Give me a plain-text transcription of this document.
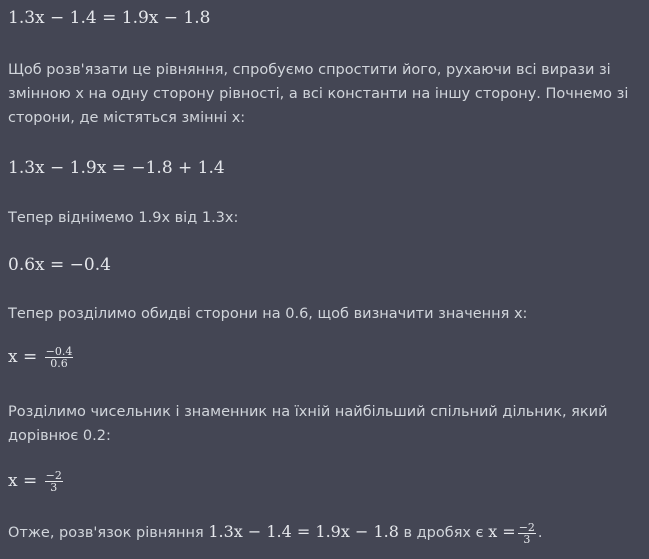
1.3x − 1.4 = 1.9x − 1.8
Щоб розв'язати це рівняння, спробуємо спростити його, рухаючи всі вирази зі змінною x на одну сторону рівності, а всі константи на іншу сторону. Почнемо зі сторони, де містяться змінні x:
1.3x − 1.9x = −1.8 + 1.4
Тепер віднімемо 1.9x від 1.3x:
0.6x = −0.4
Тепер розділимо обидві сторони на 0.6, щоб визначити значення x:
$x = \frac{-0.4}{0.6}$
Розділимо чисельник і знаменник на їхній найбільший спільний дільник, який дорівнює 0.2:
$x = \frac{-2}{3}$
Отже, розв'язок рівняння 1.3x − 1.4 = 1.9x − 1.8 в дробях є $x = \frac{-2}{3}$ .
